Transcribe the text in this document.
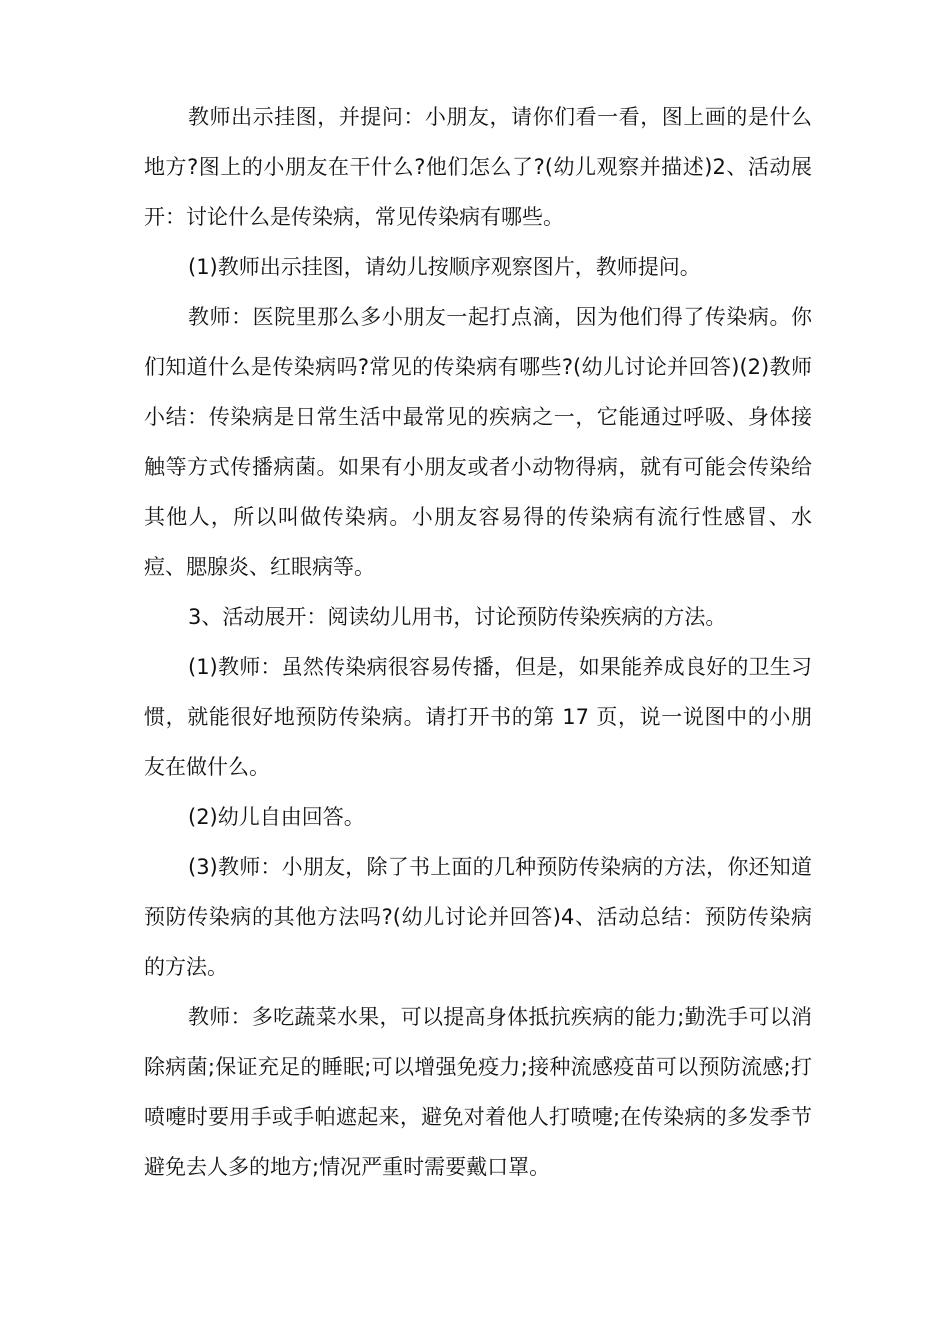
教师出示挂图，并提问：小朋友，请你们看一看，图上画的是什么地方?图上的小朋友在干什么?他们怎么了?(幼儿观察并描述)2、活动展开：讨论什么是传染病，常见传染病有哪些。

(1)教师出示挂图，请幼儿按顺序观察图片，教师提问。

教师：医院里那么多小朋友一起打点滴，因为他们得了传染病。你们知道什么是传染病吗?常见的传染病有哪些?(幼儿讨论并回答)(2)教师小结：传染病是日常生活中最常见的疾病之一，它能通过呼吸、身体接触等方式传播病菌。如果有小朋友或者小动物得病，就有可能会传染给其他人，所以叫做传染病。小朋友容易得的传染病有流行性感冒、水痘、腮腺炎、红眼病等。

3、活动展开：阅读幼儿用书，讨论预防传染疾病的方法。

(1)教师：虽然传染病很容易传播，但是，如果能养成良好的卫生习惯，就能很好地预防传染病。请打开书的第 17 页，说一说图中的小朋友在做什么。

(2)幼儿自由回答。

(3)教师：小朋友，除了书上面的几种预防传染病的方法，你还知道预防传染病的其他方法吗?(幼儿讨论并回答)4、活动总结：预防传染病的方法。

教师：多吃蔬菜水果，可以提高身体抵抗疾病的能力;勤洗手可以消除病菌;保证充足的睡眠;可以增强免疫力;接种流感疫苗可以预防流感;打喷嚏时要用手或手帕遮起来，避免对着他人打喷嚏;在传染病的多发季节避免去人多的地方;情况严重时需要戴口罩。
